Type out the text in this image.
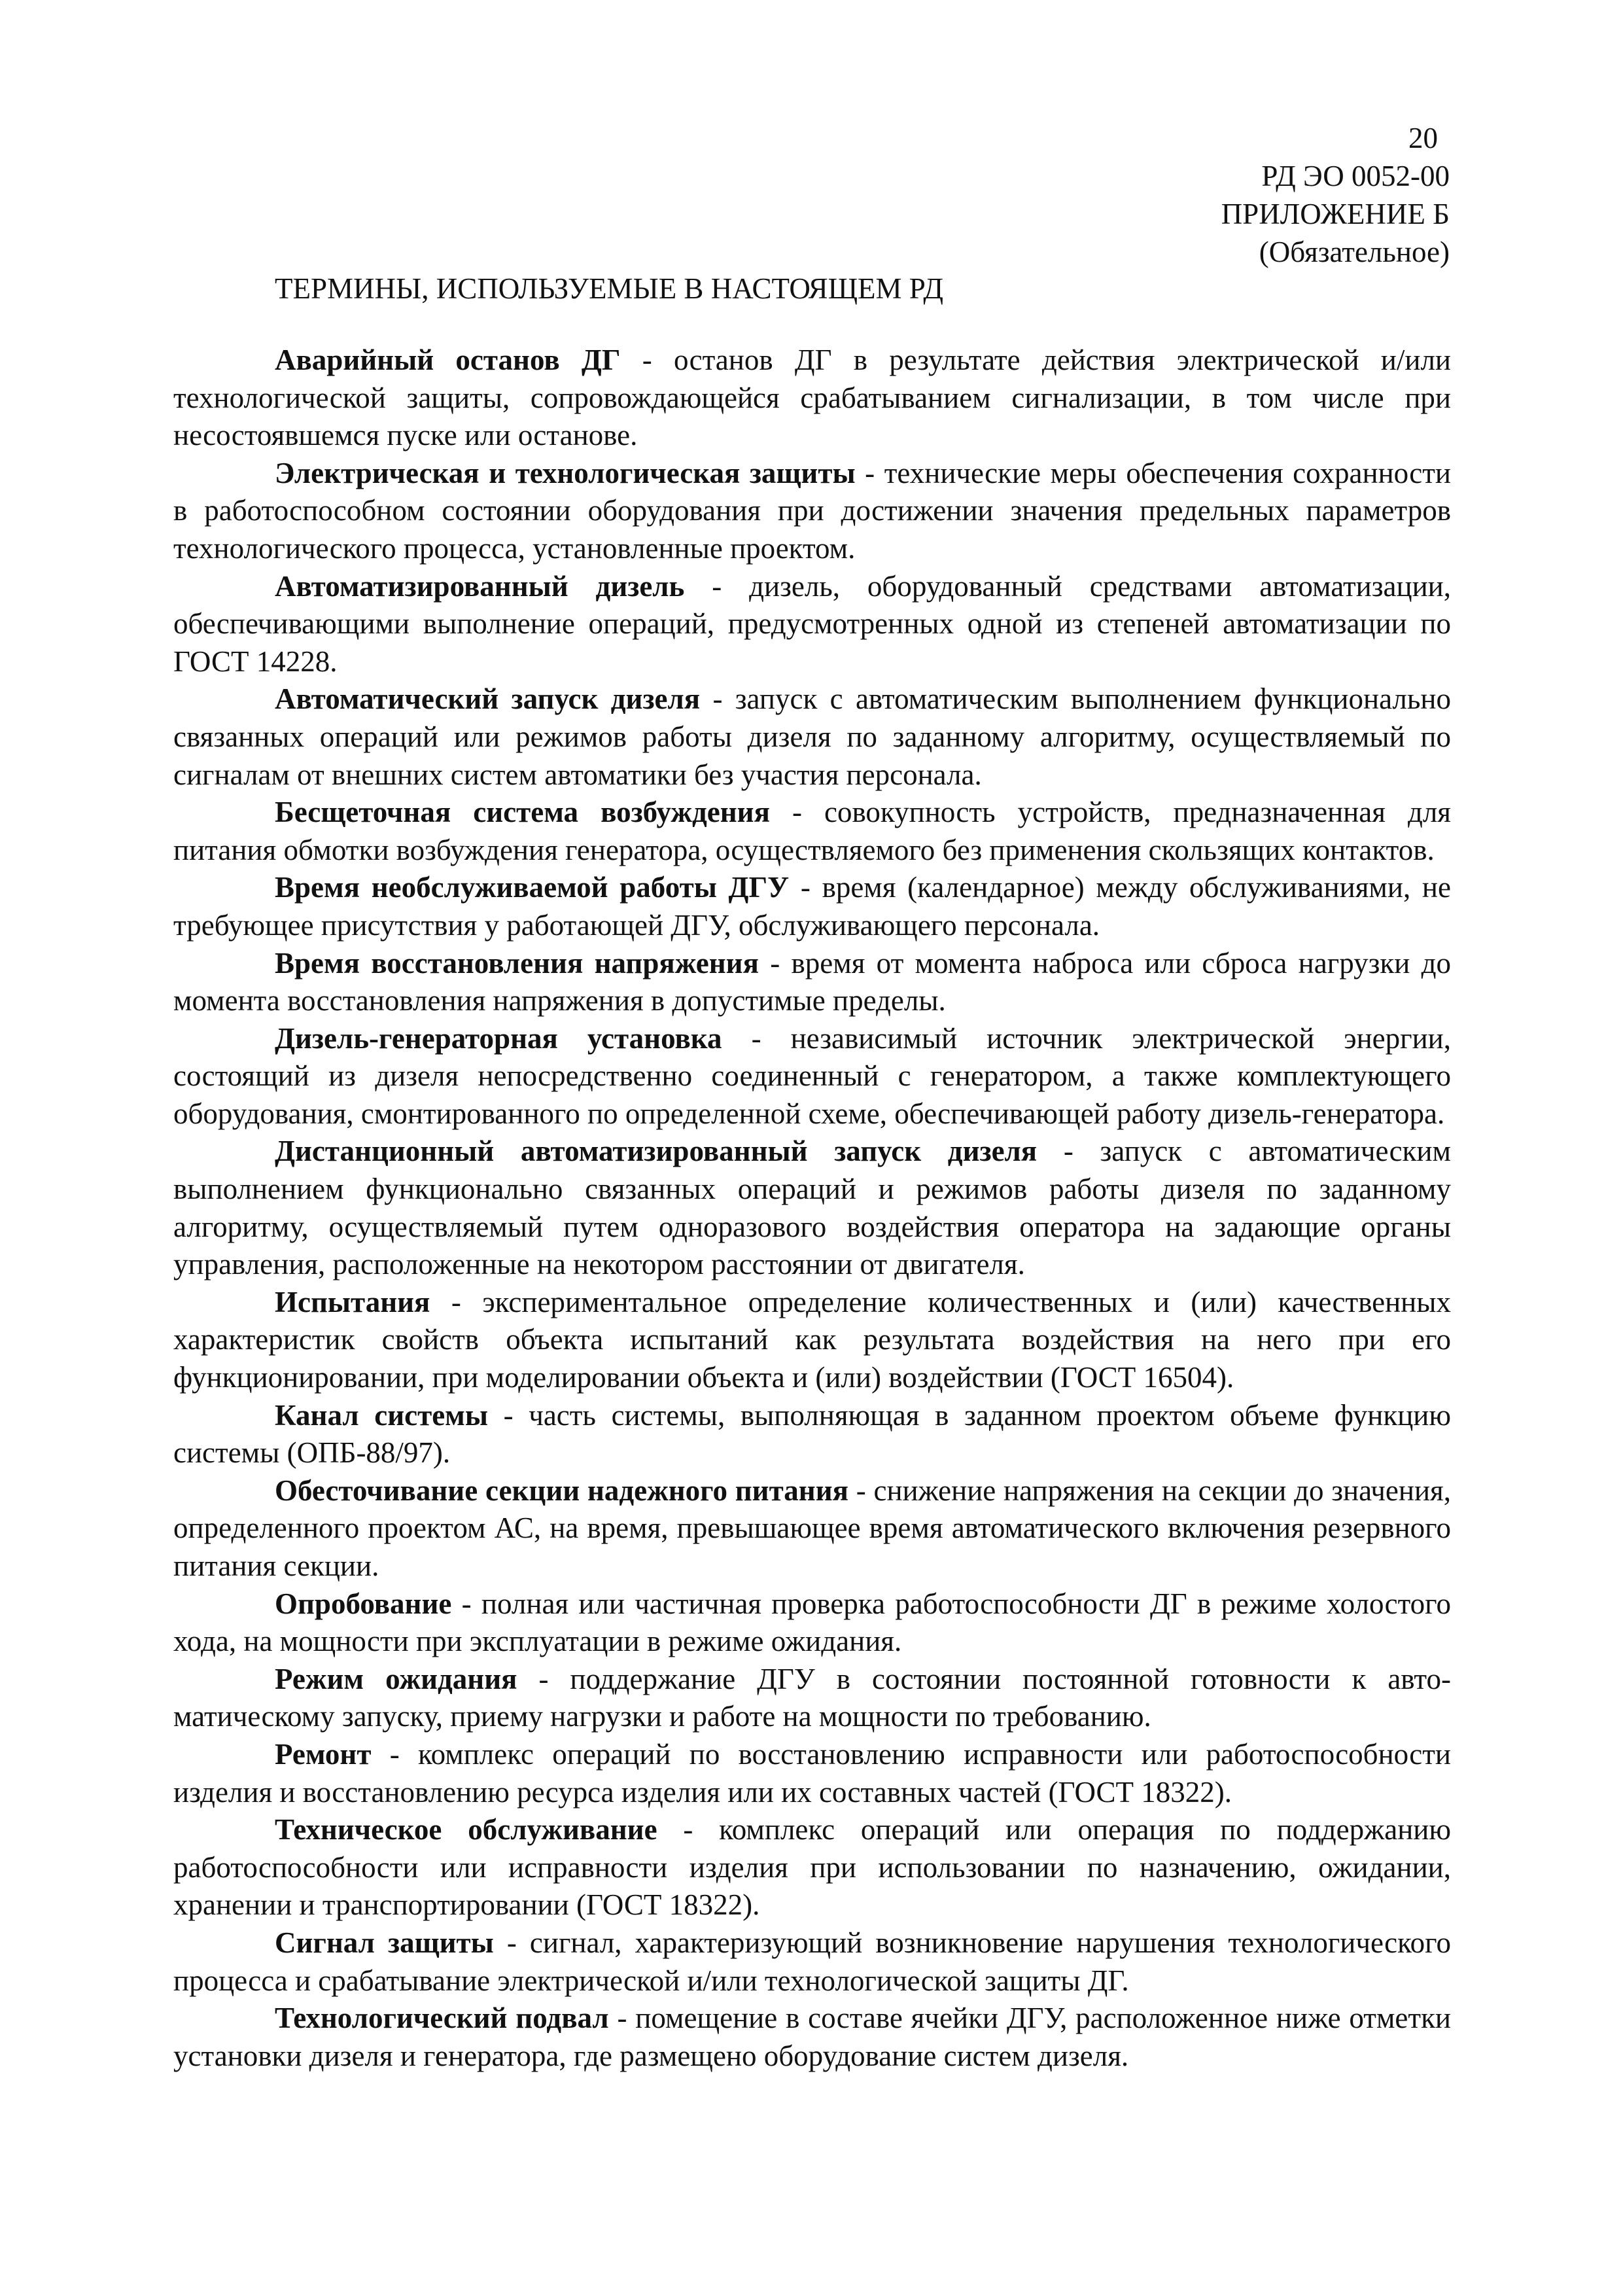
20
РД ЭО 0052-00
ПРИЛОЖЕНИЕ Б
(Обязательное)
ТЕРМИНЫ, ИСПОЛЬЗУЕМЫЕ В НАСТОЯЩЕМ РД

Аварийный останов ДГ - останов ДГ в результате действия электрической и/или технологической защиты, сопровождающейся срабатыванием сигнализации, в том числе при несостоявшемся пуске или останове.

Электрическая и технологическая защиты - технические меры обеспечения сохранности в работоспособном состоянии оборудования при достижении значения предельных параметров технологического процесса, установленные проектом.

Автоматизированный дизель - дизель, оборудованный средствами автоматизации, обеспечивающими выполнение операций, предусмотренных одной из степеней автоматизации по ГОСТ 14228.

Автоматический запуск дизеля - запуск с автоматическим выполнением функционально связанных операций или режимов работы дизеля по заданному алгоритму, осуществляемый по сигналам от внешних систем автоматики без участия персонала.

Бесщеточная система возбуждения - совокупность устройств, предназначенная для питания обмотки возбуждения генератора, осуществляемого без применения скользящих контактов.

Время необслуживаемой работы ДГУ - время (календарное) между обслуживаниями, не требующее присутствия у работающей ДГУ, обслуживающего персонала.

Время восстановления напряжения - время от момента наброса или сброса нагрузки до момента восстановления напряжения в допустимые пределы.

Дизель-генераторная установка - независимый источник электрической энергии, состоящий из дизеля непосредственно соединенный с генератором, а также комплектующего оборудования, смонтированного по определенной схеме, обеспечивающей работу дизель-генератора.

Дистанционный автоматизированный запуск дизеля - запуск с автоматическим выполнением функционально связанных операций и режимов работы дизеля по заданному алгоритму, осуществляемый путем одноразового воздействия оператора на задающие органы управления, расположенные на некотором расстоянии от двигателя.

Испытания - экспериментальное определение количественных и (или) качественных характеристик свойств объекта испытаний как результата воздействия на него при его функционировании, при моделировании объекта и (или) воздействии (ГОСТ 16504).

Канал системы - часть системы, выполняющая в заданном проектом объеме функцию системы (ОПБ-88/97).

Обесточивание секции надежного питания - снижение напряжения на секции до значения, определенного проектом АС, на время, превышающее время автоматического включения резервного питания секции.

Опробование - полная или частичная проверка работоспособности ДГ в режиме холостого хода, на мощности при эксплуатации в режиме ожидания.

Режим ожидания - поддержание ДГУ в состоянии постоянной готовности к автоматическому запуску, приему нагрузки и работе на мощности по требованию.

Ремонт - комплекс операций по восстановлению исправности или работоспособности изделия и восстановлению ресурса изделия или их составных частей (ГОСТ 18322).

Техническое обслуживание - комплекс операций или операция по поддержанию работоспособности или исправности изделия при использовании по назначению, ожидании, хранении и транспортировании (ГОСТ 18322).

Сигнал защиты - сигнал, характеризующий возникновение нарушения технологического процесса и срабатывание электрической и/или технологической защиты ДГ.

Технологический подвал - помещение в составе ячейки ДГУ, расположенное ниже отметки установки дизеля и генератора, где размещено оборудование систем дизеля.
